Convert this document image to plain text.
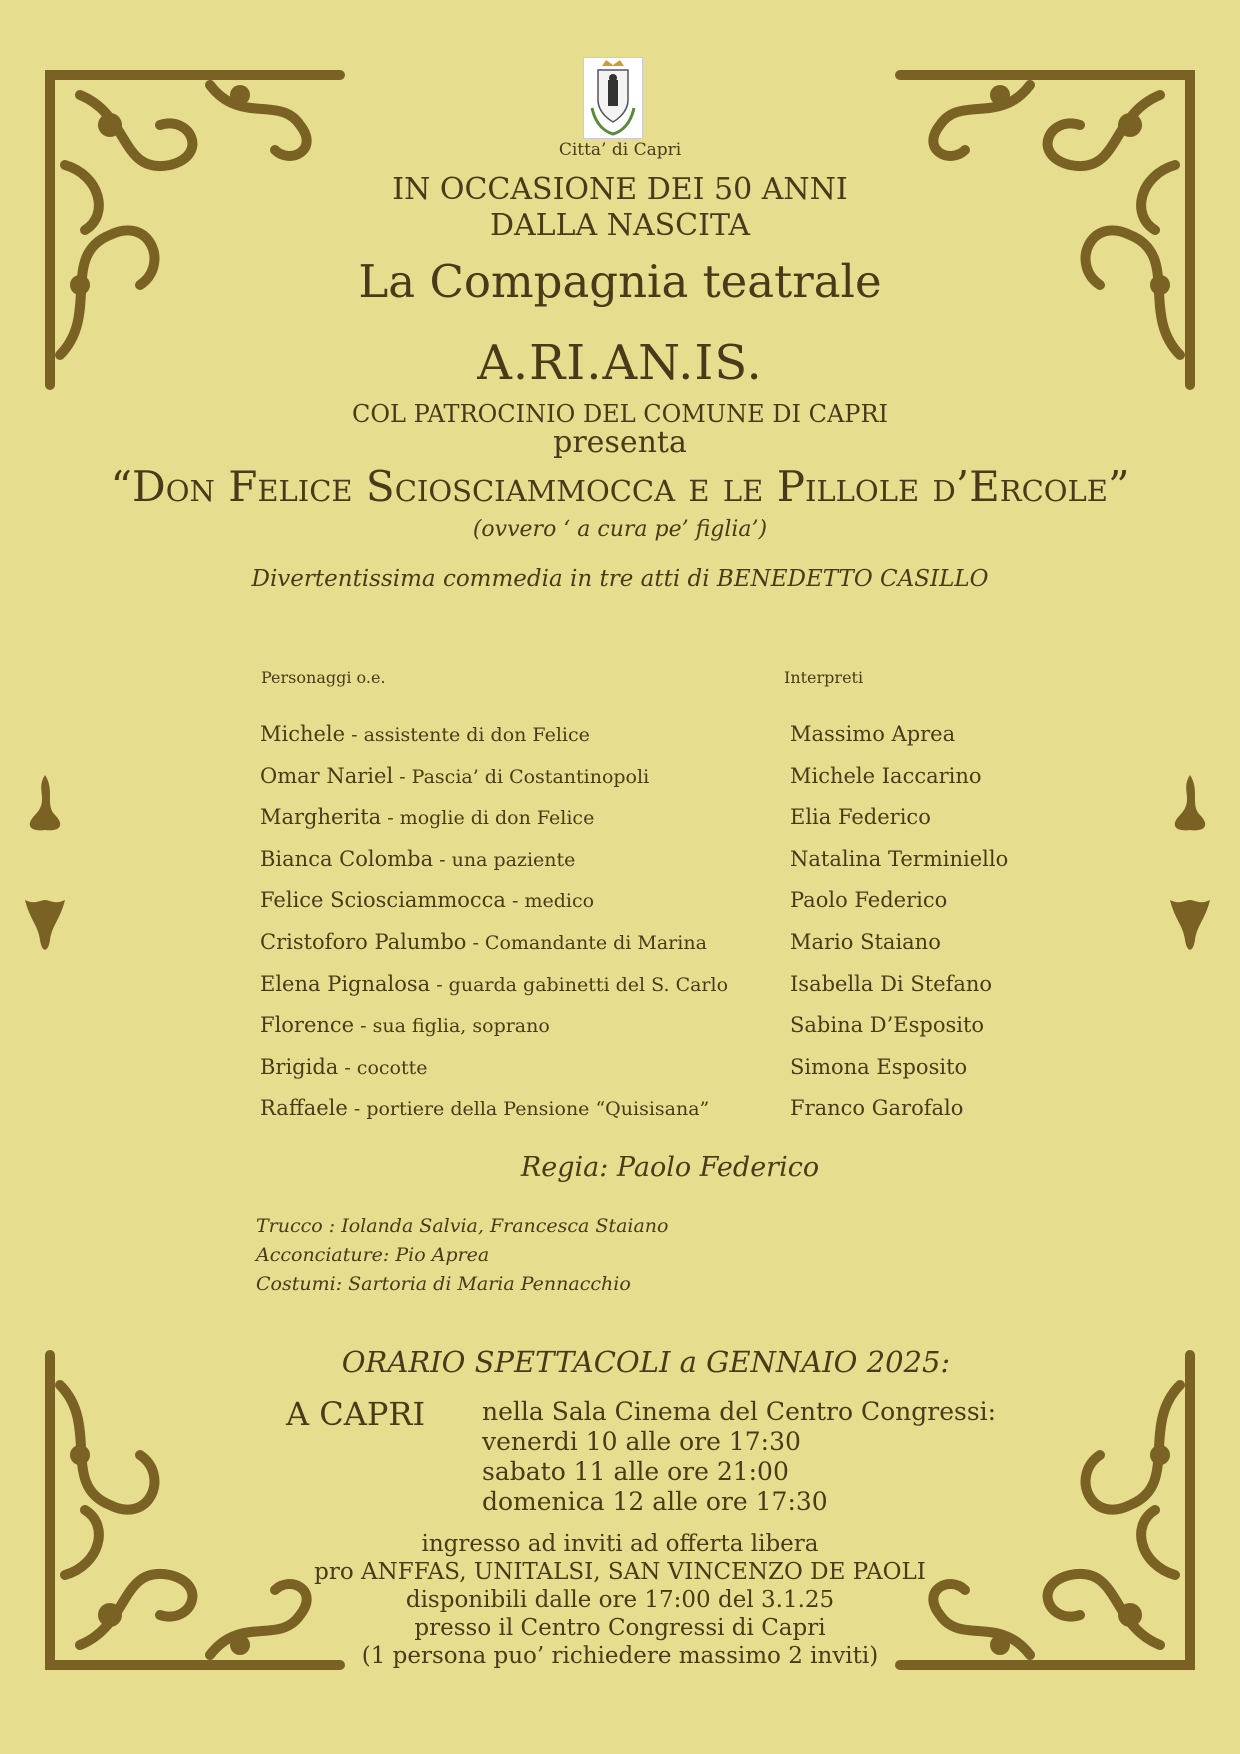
Citta’ di Capri
IN OCCASIONE DEI 50 ANNI
DALLA NASCITA
La Compagnia teatrale
A.RI.AN.IS.
COL PATROCINIO DEL COMUNE DI CAPRI
presenta
“Don Felice Sciosciammocca e le Pillole d’Ercole”
(ovvero ‘ a cura pe’ figlia’)
Divertentissima commedia in tre atti di BENEDETTO CASILLO
Personaggi o.e.	Interpreti
Michele - assistente di don Felice
Omar Nariel - Pascia’ di Costantinopoli
Margherita - moglie di don Felice
Bianca Colomba - una paziente
Felice Sciosciammocca - medico
Cristoforo Palumbo - Comandante di Marina
Elena Pignalosa - guarda gabinetti del S. Carlo
Florence - sua figlia, soprano
Brigida - cocotte
Raffaele - portiere della Pensione “Quisisana”
Massimo Aprea
Michele Iaccarino
Elia Federico
Natalina Terminiello
Paolo Federico
Mario Staiano
Isabella Di Stefano
Sabina D’Esposito
Simona Esposito
Franco Garofalo
Regia: Paolo Federico
Trucco : Iolanda Salvia, Francesca Staiano
Acconciature: Pio Aprea
Costumi: Sartoria di Maria Pennacchio
ORARIO SPETTACOLI a GENNAIO 2025:
A CAPRI nella Sala Cinema del Centro Congressi:
venerdi 10 alle ore 17:30
sabato 11 alle ore 21:00
domenica 12 alle ore 17:30
ingresso ad inviti ad offerta libera
pro ANFFAS, UNITALSI, SAN VINCENZO DE PAOLI
disponibili dalle ore 17:00 del 3.1.25
presso il Centro Congressi di Capri
(1 persona puo’ richiedere massimo 2 inviti)
